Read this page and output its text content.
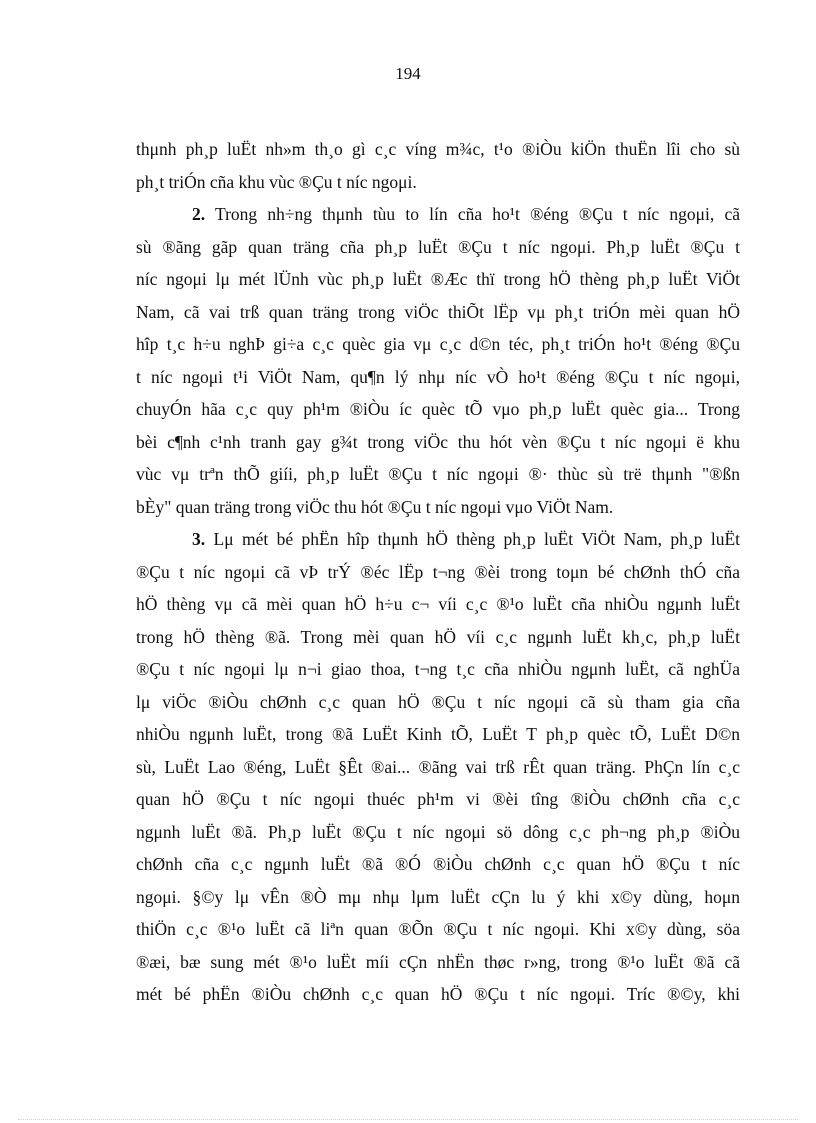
194
thμnh ph¸p luËt nh»m th¸o gì c¸c víng m¾c, t¹o ®iÒu kiÖn thuËn lîi cho sù
ph¸t triÓn cña khu vùc ®Çu t níc ngoμi.
2. Trong nh÷ng thμnh tùu to lín cña ho¹t ®éng ®Çu t níc ngoμi, cã
sù ®ãng gãp quan träng cña ph¸p luËt ®Çu t níc ngoμi. Ph¸p luËt ®Çu t
níc ngoμi lμ mét lÜnh vùc ph¸p luËt ®Æc thï trong hÖ thèng ph¸p luËt ViÖt
Nam, cã vai trß quan träng trong viÖc thiÕt lËp vμ ph¸t triÓn mèi quan hÖ
hîp t¸c h÷u nghÞ gi÷a c¸c quèc gia vμ c¸c d©n téc, ph¸t triÓn ho¹t ®éng ®Çu
t níc ngoμi t¹i ViÖt Nam, qu¶n lý nhμ níc vÒ ho¹t ®éng ®Çu t níc ngoμi,
chuyÓn hãa c¸c quy ph¹m ®iÒu íc quèc tÕ vμo ph¸p luËt quèc gia... Trong
bèi c¶nh c¹nh tranh gay g¾t trong viÖc thu hót vèn ®Çu t níc ngoμi ë khu
vùc vμ trªn thÕ giíi, ph¸p luËt ®Çu t níc ngoμi ®· thùc sù trë thμnh "®ßn
bÈy" quan träng trong viÖc thu hót ®Çu t níc ngoμi vμo ViÖt Nam.
3. Lμ mét bé phËn hîp thμnh hÖ thèng ph¸p luËt ViÖt Nam, ph¸p luËt
®Çu t níc ngoμi cã vÞ trÝ ®éc lËp t¬ng ®èi trong toμn bé chØnh thÓ cña
hÖ thèng vμ cã mèi quan hÖ h÷u c¬ víi c¸c ®¹o luËt cña nhiÒu ngμnh luËt
trong hÖ thèng ®ã. Trong mèi quan hÖ víi c¸c ngμnh luËt kh¸c, ph¸p luËt
®Çu t níc ngoμi lμ n¬i giao thoa, t¬ng t¸c cña nhiÒu ngμnh luËt, cã nghÜa
lμ viÖc ®iÒu chØnh c¸c quan hÖ ®Çu t níc ngoμi cã sù tham gia cña
nhiÒu ngμnh luËt, trong ®ã LuËt Kinh tÕ, LuËt T ph¸p quèc tÕ, LuËt D©n
sù, LuËt Lao ®éng, LuËt §Êt ®ai... ®ãng vai trß rÊt quan träng. PhÇn lín c¸c
quan hÖ ®Çu t níc ngoμi thuéc ph¹m vi ®èi tîng ®iÒu chØnh cña c¸c
ngμnh luËt ®ã. Ph¸p luËt ®Çu t níc ngoμi sö dông c¸c ph¬ng ph¸p ®iÒu
chØnh cña c¸c ngμnh luËt ®ã ®Ó ®iÒu chØnh c¸c quan hÖ ®Çu t níc
ngoμi. §©y lμ vÊn ®Ò mμ nhμ lμm luËt cÇn lu ý khi x©y dùng, hoμn
thiÖn c¸c ®¹o luËt cã liªn quan ®Õn ®Çu t níc ngoμi. Khi x©y dùng, söa
®æi, bæ sung mét ®¹o luËt míi cÇn nhËn thøc r»ng, trong ®¹o luËt ®ã cã
mét bé phËn ®iÒu chØnh c¸c quan hÖ ®Çu t níc ngoμi. Tríc ®©y, khi
